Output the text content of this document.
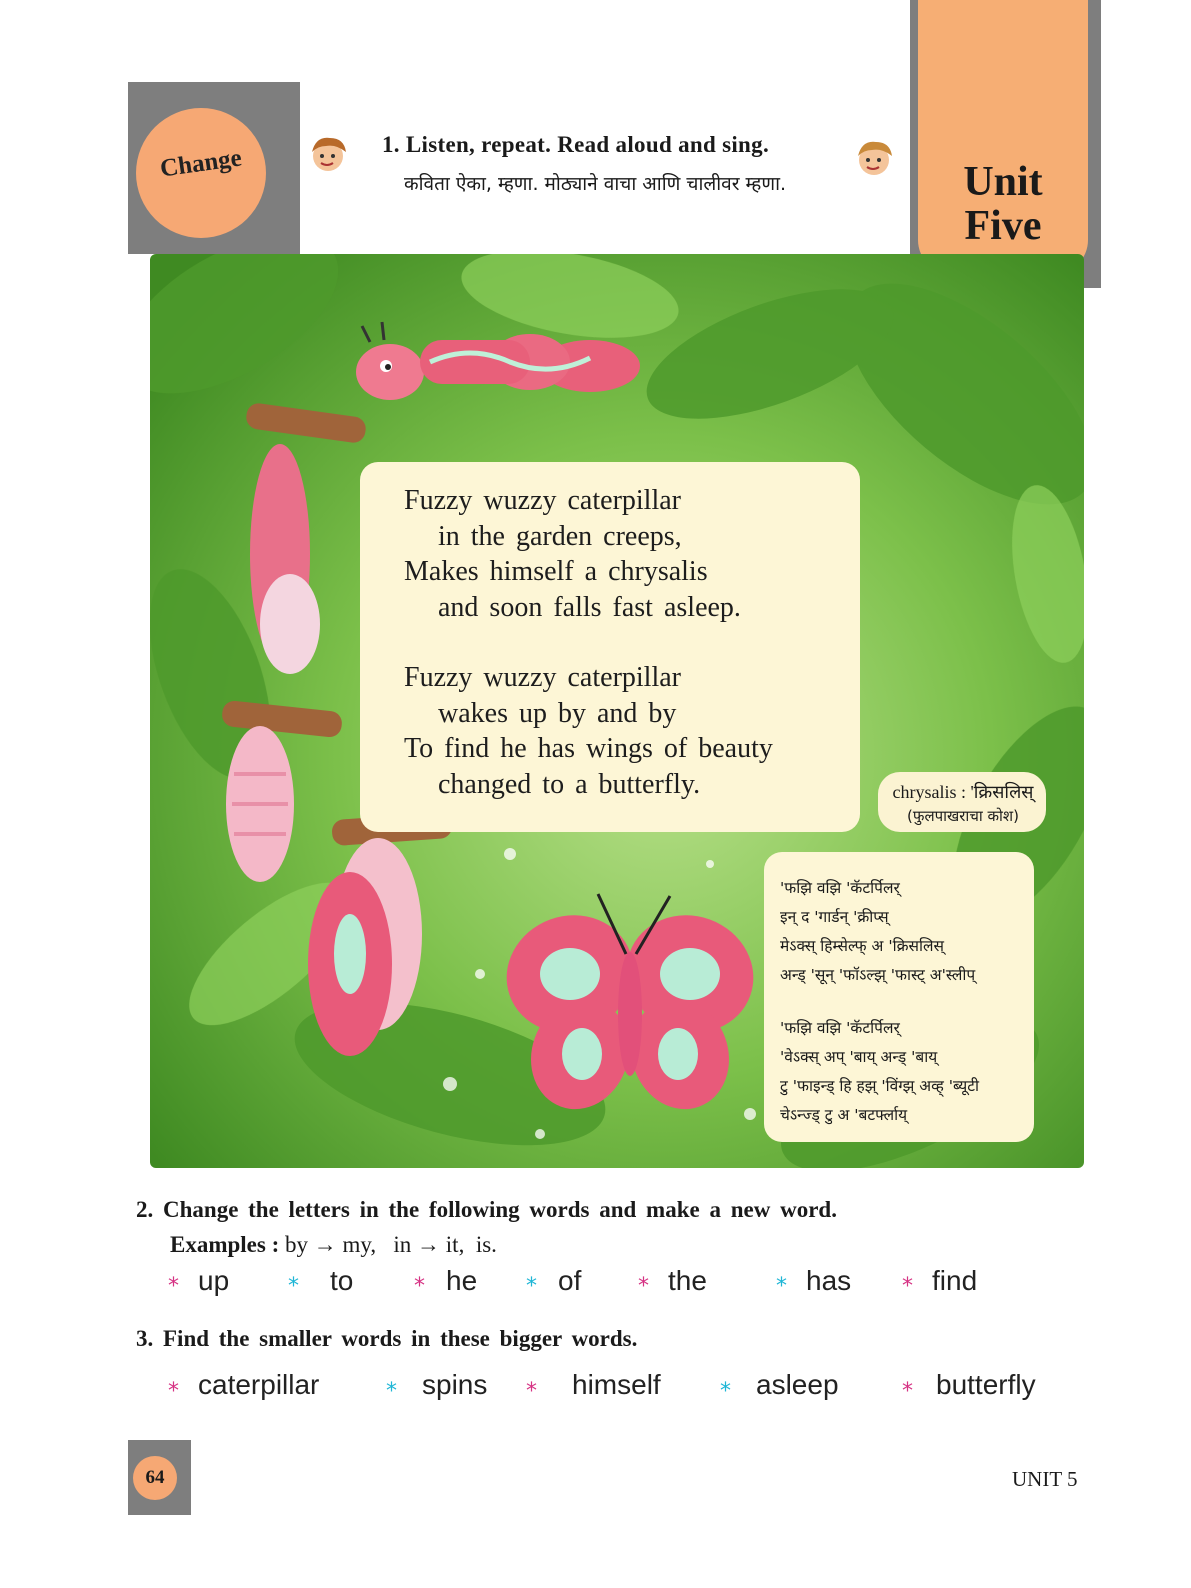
Change	Unit
Five
1. Listen, repeat. Read aloud and sing.
कविता ऐका, म्हणा. मोठ्याने वाचा आणि चालीवर म्हणा.
Fuzzy wuzzy caterpillar
in the garden creeps,
Makes himself a chrysalis
and soon falls fast asleep.
Fuzzy wuzzy caterpillar
wakes up by and by
To find he has wings of beauty
changed to a butterfly.	chrysalis : 'क्रिसलिस्
(फुलपाखराचा कोश)
'फझि वझि 'कॅटर्पिलर्
इन् द 'गार्डन् 'क्रीप्स्
मेऽक्स् हिम्सेल्फ् अ 'क्रिसलिस्
अन्ड् 'सून् 'फॉऽल्झ् 'फास्ट् अ'स्लीप्
'फझि वझि 'कॅटर्पिलर्
'वेऽक्स् अप् 'बाय् अन्ड् 'बाय्
टु 'फाइन्ड् हि हझ् 'विंग्झ् अव्ह् 'ब्यूटी
चेऽन्ज्ड् टु अ 'बटर्फ्लाय्
2. Change the letters in the following words and make a new word.
Examples : by → my,   in → it,  is.
* up	* to	* he * of	* the	* has * find
3. Find the smaller words in these bigger words.
* caterpillar	* spins * himself	* asleep	* butterfly
64	UNIT 5
